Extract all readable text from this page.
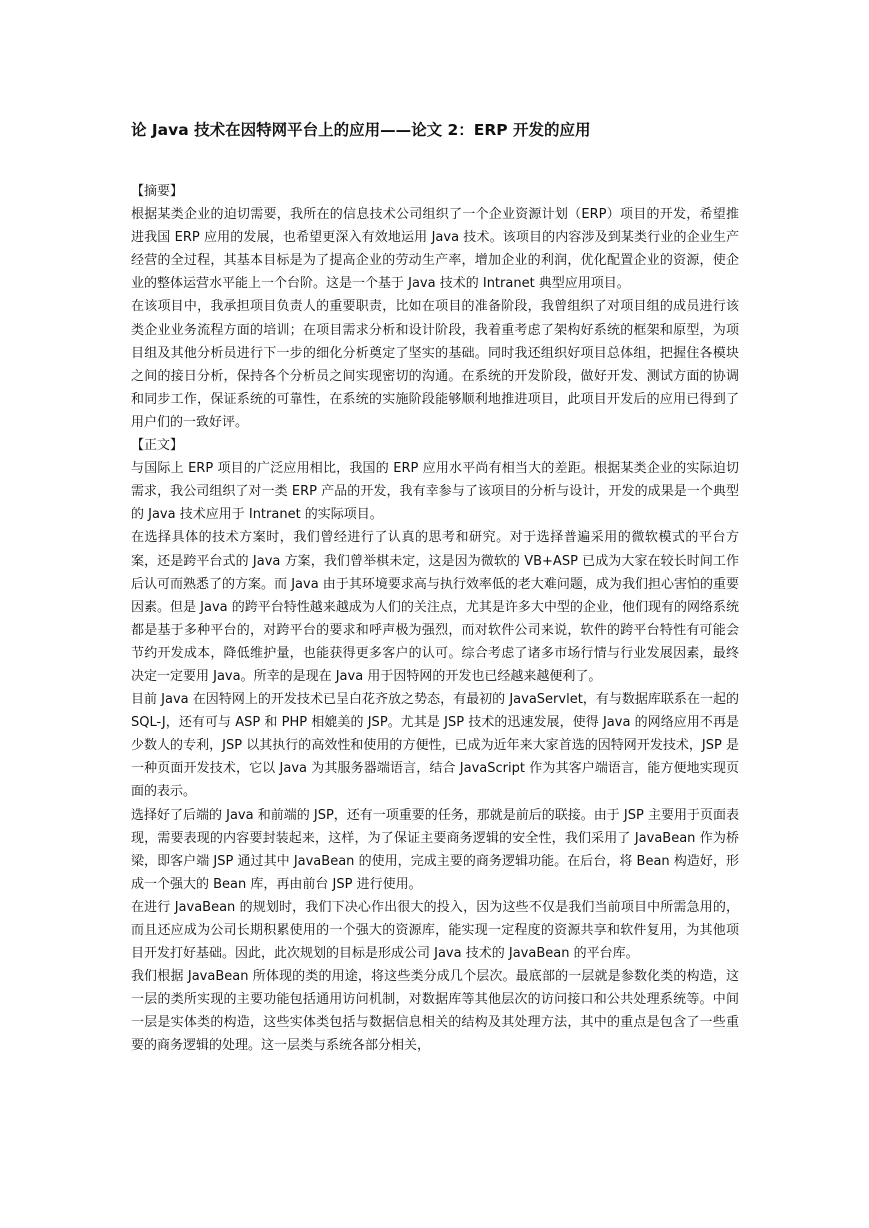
论 Java 技术在因特网平台上的应用——论文 2：ERP 开发的应用
【摘要】

根据某类企业的迫切需要，我所在的信息技术公司组织了一个企业资源计划（ERP）项目的开发，希望推进我国 ERP 应用的发展，也希望更深入有效地运用 Java 技术。该项目的内容涉及到某类行业的企业生产经营的全过程，其基本目标是为了提高企业的劳动生产率，增加企业的利润，优化配置企业的资源，使企业的整体运营水平能上一个台阶。这是一个基于 Java 技术的 Intranet 典型应用项目。

在该项目中，我承担项目负责人的重要职责，比如在项目的准备阶段，我曾组织了对项目组的成员进行该类企业业务流程方面的培训；在项目需求分析和设计阶段，我着重考虑了架构好系统的框架和原型，为项目组及其他分析员进行下一步的细化分析奠定了坚实的基础。同时我还组织好项目总体组，把握住各模块之间的接日分析，保持各个分析员之间实现密切的沟通。在系统的开发阶段，做好开发、测试方面的协调和同步工作，保证系统的可靠性，在系统的实施阶段能够顺利地推进项目，此项目开发后的应用已得到了用户们的一致好评。

【正文】

与国际上 ERP 项目的广泛应用相比，我国的 ERP 应用水平尚有相当大的差距。根据某类企业的实际迫切需求，我公司组织了对一类 ERP 产品的开发，我有幸参与了该项目的分析与设计，开发的成果是一个典型的 Java 技术应用于 Intranet 的实际项目。

在选择具体的技术方案时，我们曾经进行了认真的思考和研究。对于选择普遍采用的微软模式的平台方案，还是跨平台式的 Java 方案，我们曾举棋未定，这是因为微软的 VB+ASP 已成为大家在较长时间工作后认可而熟悉了的方案。而 Java 由于其环境要求高与执行效率低的老大难问题，成为我们担心害怕的重要因素。但是 Java 的跨平台特性越来越成为人们的关注点，尤其是许多大中型的企业，他们现有的网络系统都是基于多种平台的，对跨平台的要求和呼声极为强烈，而对软件公司来说，软件的跨平台特性有可能会节约开发成本，降低维护量，也能获得更多客户的认可。综合考虑了诸多市场行情与行业发展因素，最终决定一定要用 Java。所幸的是现在 Java 用于因特网的开发也已经越来越便利了。

目前 Java 在因特网上的开发技术已呈白花齐放之势态，有最初的 JavaServlet，有与数据库联系在一起的 SQL-J，还有可与 ASP 和 PHP 相媲美的 JSP。尤其是 JSP 技术的迅速发展，使得 Java 的网络应用不再是少数人的专利，JSP 以其执行的高效性和使用的方便性，已成为近年来大家首选的因特网开发技术，JSP 是一种页面开发技术，它以 Java 为其服务器端语言，结合 JavaScript 作为其客户端语言，能方便地实现页面的表示。

选择好了后端的 Java 和前端的 JSP，还有一项重要的任务，那就是前后的联接。由于 JSP 主要用于页面表现，需要表现的内容要封装起来，这样，为了保证主要商务逻辑的安全性，我们采用了 JavaBean 作为桥梁，即客户端 JSP 通过其中 JavaBean 的使用，完成主要的商务逻辑功能。在后台，将 Bean 构造好，形成一个强大的 Bean 库，再由前台 JSP 进行使用。

在进行 JavaBean 的规划时，我们下决心作出很大的投入，因为这些不仅是我们当前项目中所需急用的，而且还应成为公司长期积累使用的一个强大的资源库，能实现一定程度的资源共享和软件复用，为其他项目开发打好基础。因此，此次规划的目标是形成公司 Java 技术的 JavaBean 的平台库。

我们根据 JavaBean 所体现的类的用途，将这些类分成几个层次。最底部的一层就是参数化类的构造，这一层的类所实现的主要功能包括通用访问机制，对数据库等其他层次的访问接口和公共处理系统等。中间一层是实体类的构造，这些实体类包括与数据信息相关的结构及其处理方法，其中的重点是包含了一些重要的商务逻辑的处理。这一层类与系统各部分相关，
